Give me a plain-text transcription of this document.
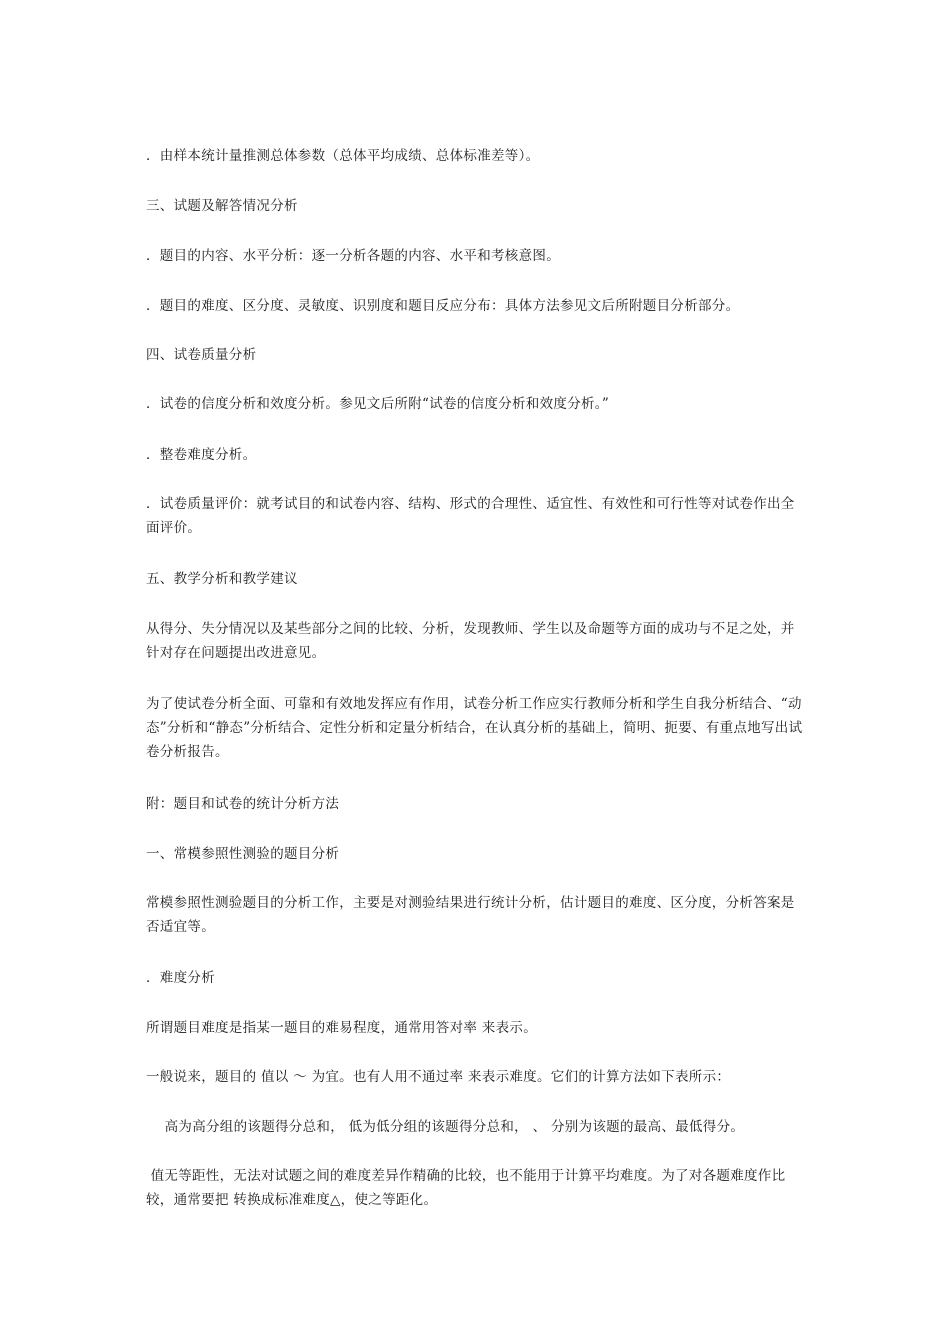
．由样本统计量推测总体参数（总体平均成绩、总体标准差等）。

三、试题及解答情况分析

．题目的内容、水平分析：逐一分析各题的内容、水平和考核意图。

．题目的难度、区分度、灵敏度、识别度和题目反应分布：具体方法参见文后所附题目分析部分。

四、试卷质量分析

．试卷的信度分析和效度分析。参见文后所附“试卷的信度分析和效度分析。”

．整卷难度分析。

．试卷质量评价：就考试目的和试卷内容、结构、形式的合理性、适宜性、有效性和可行性等对试卷作出全面评价。

五、教学分析和教学建议

从得分、失分情况以及某些部分之间的比较、分析，发现教师、学生以及命题等方面的成功与不足之处，并针对存在问题提出改进意见。

为了使试卷分析全面、可靠和有效地发挥应有作用，试卷分析工作应实行教师分析和学生自我分析结合、“动态”分析和“静态”分析结合、定性分析和定量分析结合，在认真分析的基础上，简明、扼要、有重点地写出试卷分析报告。

附：题目和试卷的统计分析方法

一、常模参照性测验的题目分析

常模参照性测验题目的分析工作，主要是对测验结果进行统计分析，估计题目的难度、区分度，分析答案是否适宜等。

．难度分析

所谓题目难度是指某一题目的难易程度，通常用答对率 来表示。

一般说来，题目的 值以 ～ 为宜。也有人用不通过率 来表示难度。它们的计算方法如下表所示：

高为高分组的该题得分总和， 低为低分组的该题得分总和， 、 分别为该题的最高、最低得分。

值无等距性，无法对试题之间的难度差异作精确的比较，也不能用于计算平均难度。为了对各题难度作比较，通常要把 转换成标准难度△，使之等距化。
